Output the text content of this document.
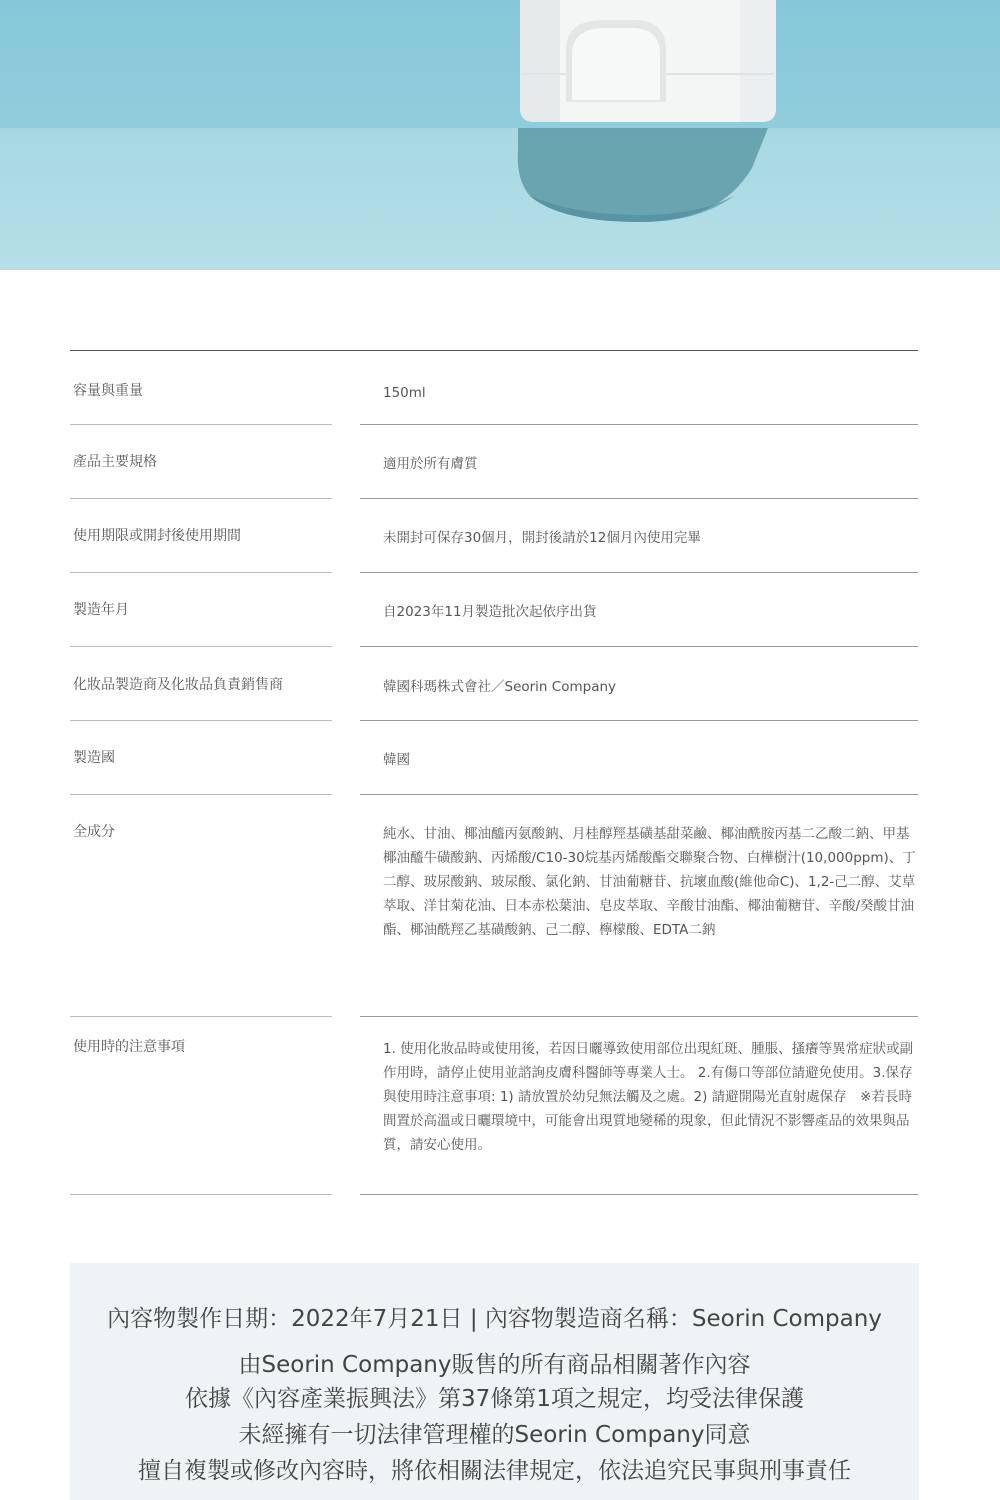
容量與重量	150ml
產品主要規格	適用於所有膚質
使用期限或開封後使用期間	未開封可保存30個月，開封後請於12個月內使用完畢
製造年月	自2023年11月製造批次起依序出貨
化妝品製造商及化妝品負責銷售商	韓國科瑪株式會社／Seorin Company
製造國	韓國
全成分	純水、甘油、椰油醯丙氨酸鈉、月桂醇羥基磺基甜菜鹼、椰油酰胺丙基二乙酸二鈉、甲基椰油醯牛磺酸鈉、丙烯酸/C10-30烷基丙烯酸酯交聯聚合物、白樺樹汁(10,000ppm)、丁二醇、玻尿酸鈉、玻尿酸、氯化鈉、甘油葡糖苷、抗壞血酸(維他命C)、1,2-己二醇、艾草萃取、洋甘菊花油、日本赤松葉油、皂皮萃取、辛酸甘油酯、椰油葡糖苷、辛酸/癸酸甘油酯、椰油酰羥乙基磺酸鈉、己二醇、檸檬酸、EDTA二鈉
使用時的注意事項	1. 使用化妝品時或使用後，若因日曬導致使用部位出現紅斑、腫脹、搔癢等異常症狀或副作用時，請停止使用並諮詢皮膚科醫師等專業人士。 2.有傷口等部位請避免使用。3.保存與使用時注意事項: 1) 請放置於幼兒無法觸及之處。2) 請避開陽光直射處保存　※若長時間置於高溫或日曬環境中，可能會出現質地變稀的現象，但此情況不影響產品的效果與品質，請安心使用。
內容物製作日期：2022年7月21日 | 內容物製造商名稱：Seorin Company
由Seorin Company販售的所有商品相關著作內容
依據《內容產業振興法》第37條第1項之規定，均受法律保護
未經擁有一切法律管理權的Seorin Company同意
擅自複製或修改內容時，將依相關法律規定，依法追究民事與刑事責任
